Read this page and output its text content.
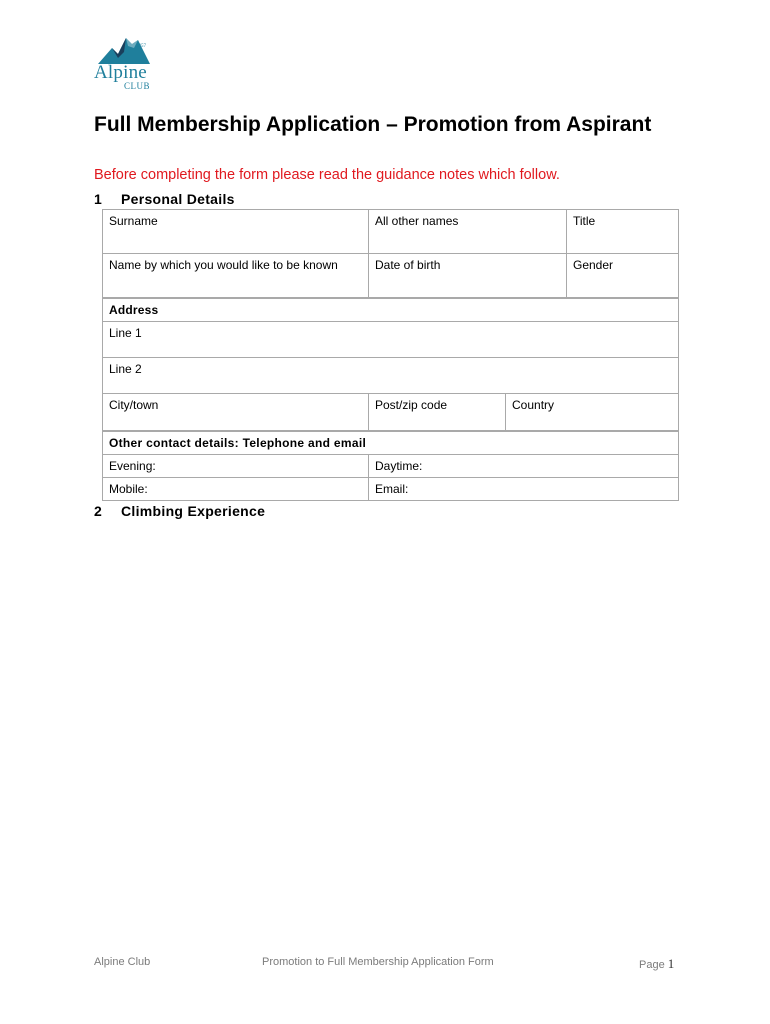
1857
Alpine
CLUB
Full Membership Application – Promotion from Aspirant

Before completing the form please read the guidance notes which follow.

1 Personal Details
Surname	All other names	Title
Name by which you would like to be known	Date of birth	Gender
Address
Line 1
Line 2
City/town	Post/zip code	Country
Other contact details: Telephone and email	
Evening:	Daytime:
Mobile:	Email:
2 Climbing Experience
Alpine Club	Promotion to Full Membership Application Form	Page 1
